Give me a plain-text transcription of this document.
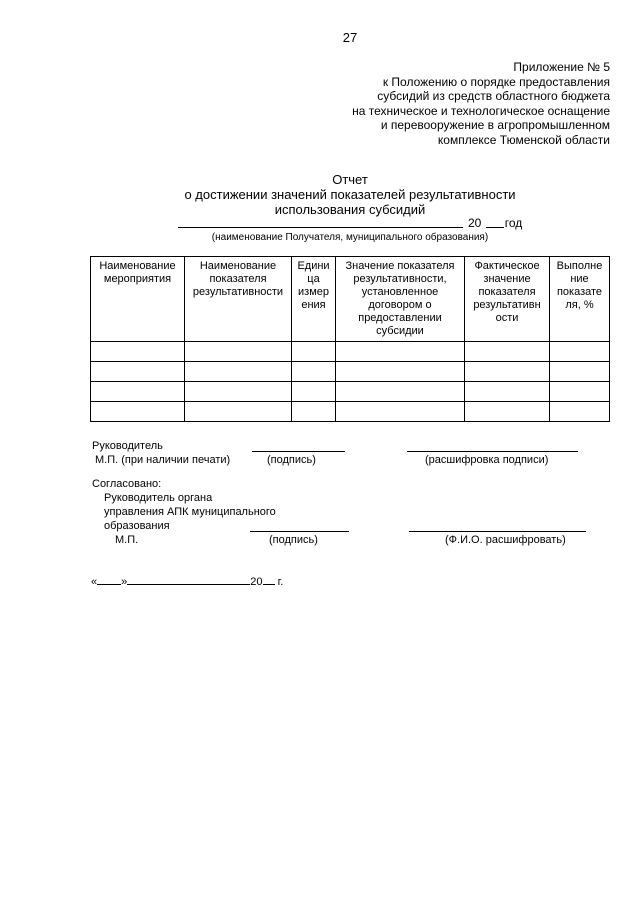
27
Приложение № 5
к Положению о порядке предоставления
субсидий из средств областного бюджета
на техническое и технологическое оснащение
и перевооружение в агропромышленном
комплексе Тюменской области
Отчет
о достижении значений показателей результативности
использования субсидий
20 год
(наименование Получателя, муниципального образования)
Наименование мероприятия	Наименование показателя результативности	Едини ца измер ения	Значение показателя результативности, установленное договором о предоставлении субсидии	Фактическое значение показателя результативн ости	Выполне ние показате ля, %

Руководитель
М.П. (при наличии печати)	(подпись)	(расшифровка подписи)
Согласовано:
Руководитель органа
управления АПК муниципального
образования
М.П.	(подпись)	(Ф.И.О. расшифровать)
« »	20 г.
